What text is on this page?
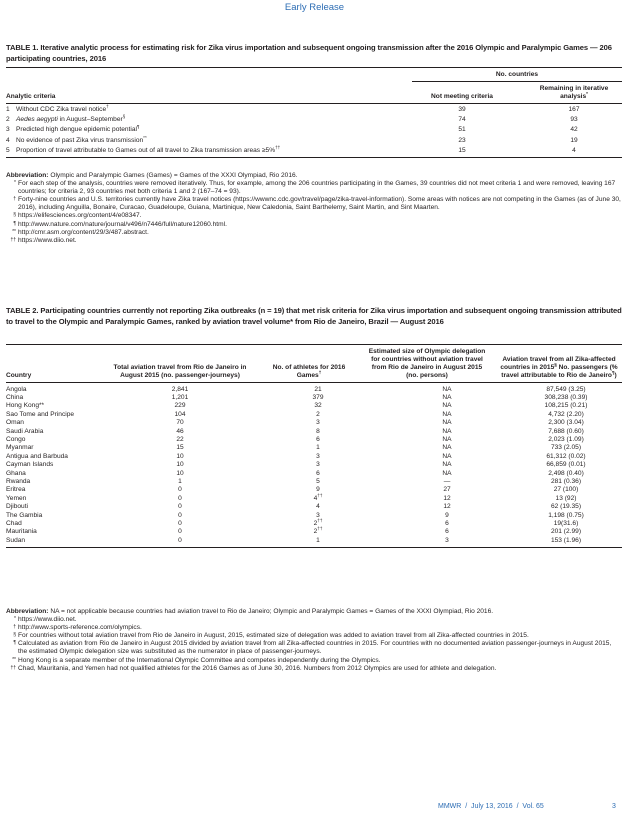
Early Release
TABLE 1. Iterative analytic process for estimating risk for Zika virus importation and subsequent ongoing transmission after the 2016 Olympic and Paralympic Games — 206 participating countries, 2016
		No. countries	
Analytic criteria		Not meeting criteria	Remaining in iterative analysis*
1	Without CDC Zika travel notice†	39	167
2	Aedes aegypti in August–September§	74	93
3	Predicted high dengue epidemic potential¶	51	42
4	No evidence of past Zika virus transmission**	23	19
5	Proportion of travel attributable to Games out of all travel to Zika transmission areas ≥5%††	15	4
Abbreviation: Olympic and Paralympic Games (Games) = Games of the XXXI Olympiad, Rio 2016.
* For each step of the analysis, countries were removed iteratively. Thus, for example, among the 206 countries participating in the Games, 39 countries did not meet criteria 1 and were removed, leaving 167 countries; for criteria 2, 93 countries met both criteria 1 and 2 (167–74 = 93).
† Forty-nine countries and U.S. territories currently have Zika travel notices (https://wwwnc.cdc.gov/travel/page/zika-travel-information). Some areas with notices are not competing in the Games (as of June 30, 2016), including Anguilla, Bonaire, Curacao, Guadeloupe, Guiana, Martinique, New Caledonia, Saint Barthelemy, Saint Martin, and Sint Maarten.
§ https://elifesciences.org/content/4/e08347.
¶ http://www.nature.com/nature/journal/v496/n7446/full/nature12060.html.
** http://cmr.asm.org/content/29/3/487.abstract.
†† https://www.diio.net.
TABLE 2. Participating countries currently not reporting Zika outbreaks (n = 19) that met risk criteria for Zika virus importation and subsequent ongoing transmission attributed to travel to the Olympic and Paralympic Games, ranked by aviation travel volume* from Rio de Janeiro, Brazil — August 2016
Country	Total aviation travel from Rio de Janeiro in August 2015 (no. passenger-journeys)	No. of athletes for 2016 Games†	Estimated size of Olympic delegation for countries without aviation travel from Rio de Janeiro in August 2015 (no. persons)	Aviation travel from all Zika-affected countries in 2015§ No. passengers (% travel attributable to Rio de Janeiro¶)
Angola	2,841	21	NA	87,549 (3.25)
China	1,201	379	NA	308,238 (0.39)
Hong Kong**	229	32	NA	108,215 (0.21)
Sao Tome and Principe	104	2	NA	4,732 (2.20)
Oman	70	3	NA	2,300 (3.04)
Saudi Arabia	46	8	NA	7,688 (0.60)
Congo	22	6	NA	2,023 (1.09)
Myanmar	15	1	NA	733 (2.05)
Antigua and Barbuda	10	3	NA	61,312 (0.02)
Cayman Islands	10	3	NA	66,859 (0.01)
Ghana	10	6	NA	2,498 (0.40)
Rwanda	1	5	—	281 (0.36)
Eritrea	0	9	27	27 (100)
Yemen	0	4††	12	13 (92)
Djibouti	0	4	12	62 (19.35)
The Gambia	0	3	9	1,198 (0.75)
Chad	0	2††	6	19(31.6)
Mauritania	0	2††	6	201 (2.99)
Sudan	0	1	3	153 (1.96)
Abbreviation: NA = not applicable because countries had aviation travel to Rio de Janeiro; Olympic and Paralympic Games = Games of the XXXI Olympiad, Rio 2016.
* https://www.diio.net.
† http://www.sports-reference.com/olympics.
§ For countries without total aviation travel from Rio de Janeiro in August, 2015, estimated size of delegation was added to aviation travel from all Zika-affected countries in 2015.
¶ Calculated as aviation from Rio de Janeiro in August 2015 divided by aviation travel from all Zika-affected countries in 2015. For countries with no documented aviation passenger-journeys in August 2015, the estimated Olympic delegation size was substituted as the numerator in place of passenger-journeys.
** Hong Kong is a separate member of the International Olympic Committee and competes independently during the Olympics.
†† Chad, Mauritania, and Yemen had not qualified athletes for the 2016 Games as of June 30, 2016. Numbers from 2012 Olympics are used for athlete and delegation.
MMWR  /  July 13, 2016  /  Vol. 65	3
